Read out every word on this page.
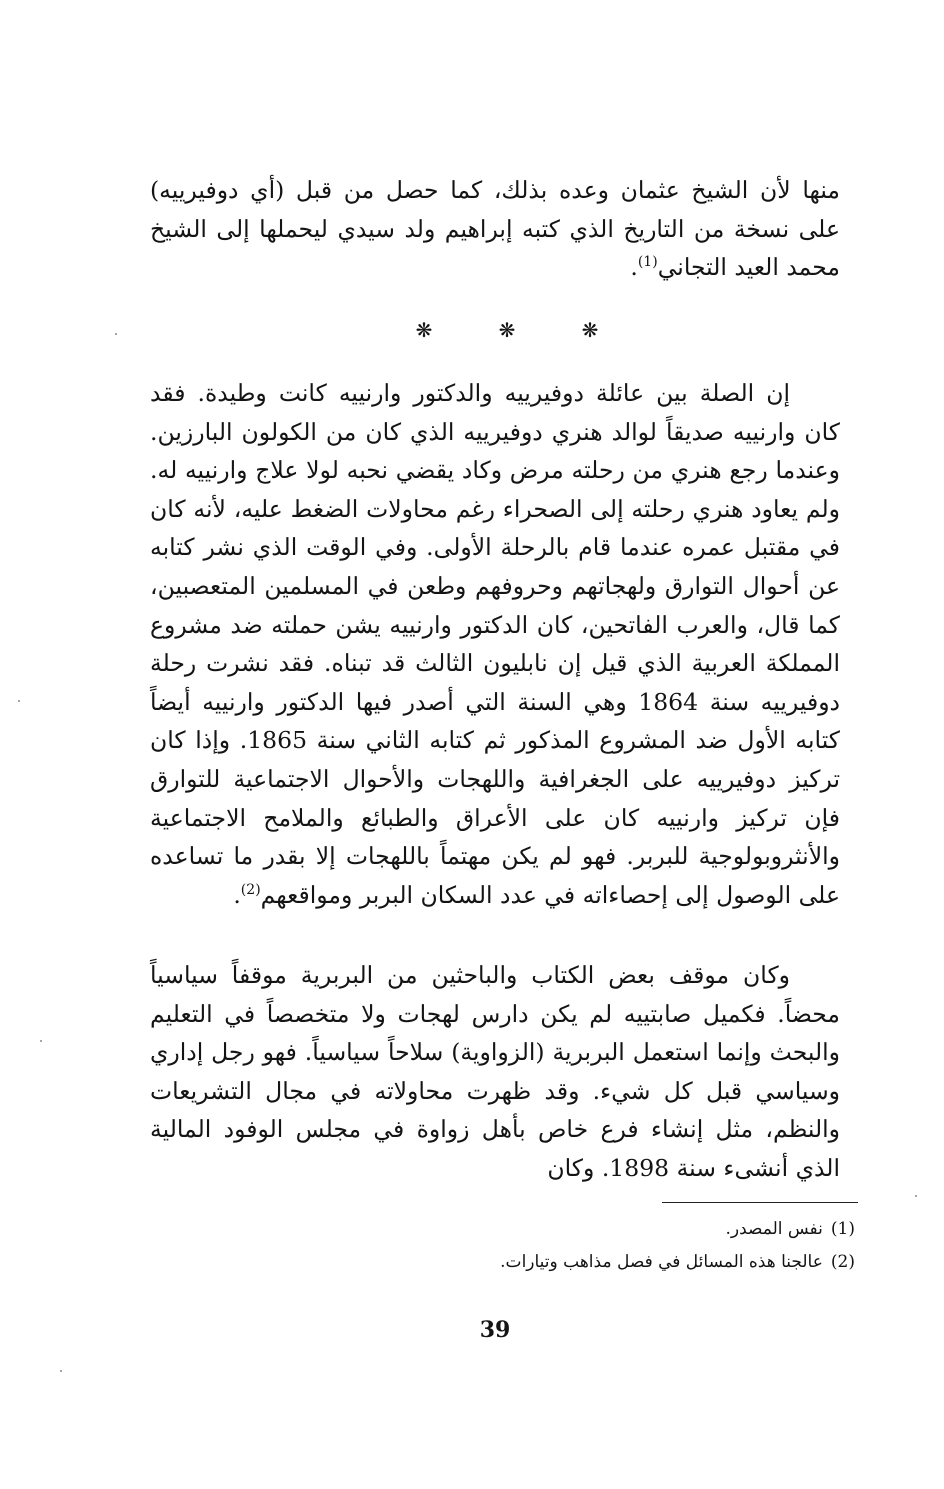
منها لأن الشيخ عثمان وعده بذلك، كما حصل من قبل (أي دوفيرييه) على نسخة من التاريخ الذي كتبه إبراهيم ولد سيدي ليحملها إلى الشيخ محمد العيد التجاني$^{(1)}$.

❋	❋	❋

إن الصلة بين عائلة دوفيرييه والدكتور وارنييه كانت وطيدة. فقد كان وارنييه صديقاً لوالد هنري دوفيرييه الذي كان من الكولون البارزين. وعندما رجع هنري من رحلته مرض وكاد يقضي نحبه لولا علاج وارنييه له. ولم يعاود هنري رحلته إلى الصحراء رغم محاولات الضغط عليه، لأنه كان في مقتبل عمره عندما قام بالرحلة الأولى. وفي الوقت الذي نشر كتابه عن أحوال التوارق ولهجاتهم وحروفهم وطعن في المسلمين المتعصبين، كما قال، والعرب الفاتحين، كان الدكتور وارنييه يشن حملته ضد مشروع المملكة العربية الذي قيل إن نابليون الثالث قد تبناه. فقد نشرت رحلة دوفيرييه سنة 1864 وهي السنة التي أصدر فيها الدكتور وارنييه أيضاً كتابه الأول ضد المشروع المذكور ثم كتابه الثاني سنة 1865. وإذا كان تركيز دوفيرييه على الجغرافية واللهجات والأحوال الاجتماعية للتوارق فإن تركيز وارنييه كان على الأعراق والطبائع والملامح الاجتماعية والأنثروبولوجية للبربر. فهو لم يكن مهتماً باللهجات إلا بقدر ما تساعده على الوصول إلى إحصاءاته في عدد السكان البربر ومواقعهم$^{(2)}$.

وكان موقف بعض الكتاب والباحثين من البربرية موقفاً سياسياً محضاً. فكميل صابتييه لم يكن دارس لهجات ولا متخصصاً في التعليم والبحث وإنما استعمل البربرية (الزواوية) سلاحاً سياسياً. فهو رجل إداري وسياسي قبل كل شيء. وقد ظهرت محاولاته في مجال التشريعات والنظم، مثل إنشاء فرع خاص بأهل زواوة في مجلس الوفود المالية الذي أنشىء سنة 1898. وكان

(1)نفس المصدر.
(2)عالجنا هذه المسائل في فصل مذاهب وتيارات.
39
